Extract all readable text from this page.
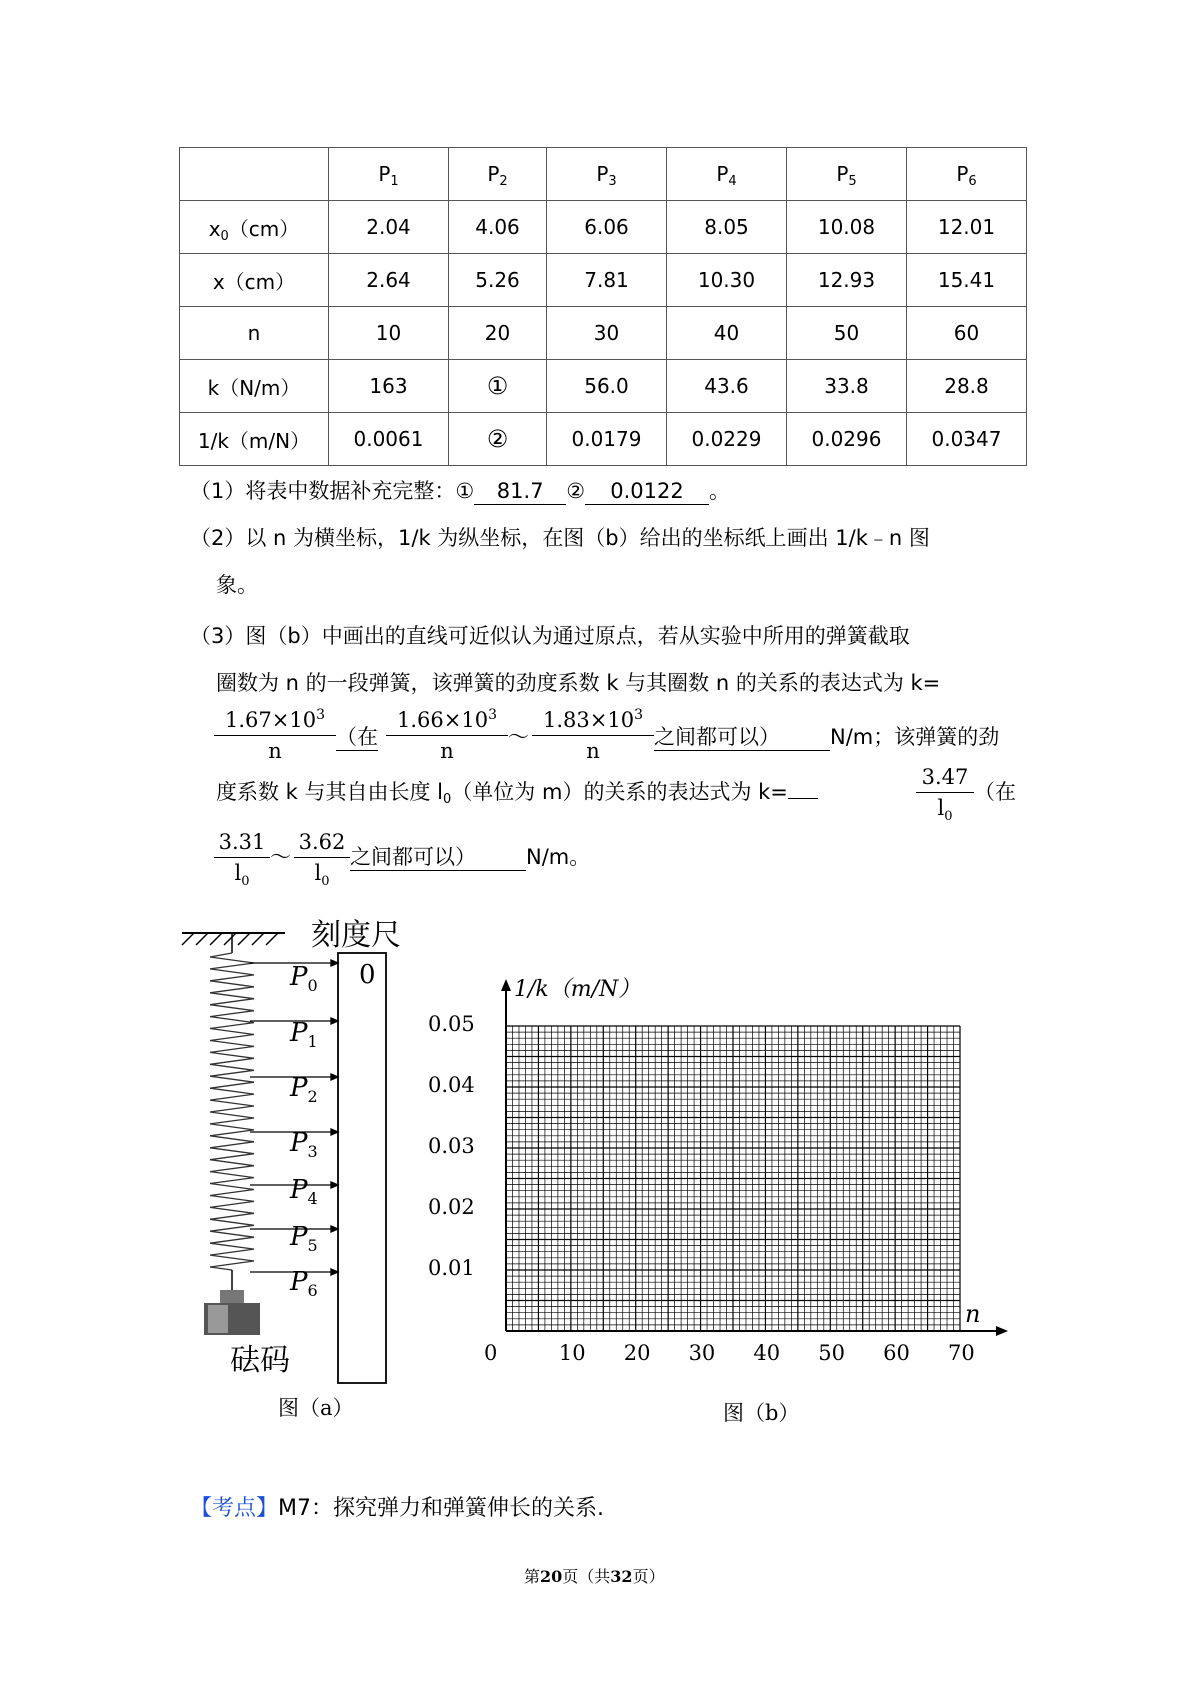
	$P_1$	$P_2$	$P_3$	$P_4$	$P_5$	$P_6$
$x_0(cm)$	2.04	4.06	6.06	8.05	10.08	12.01
x（cm）	2.64	5.26	7.81	10.30	12.93	15.41
n	10	20	30	40	50	60
k（N/m）	163	①	56.0	43.6	33.8	28.8
1/k（m/N）	0.0061	②	0.0179	0.0229	0.0296	0.0347
（1）将表中数据补充完整：① 81.7 ② 0.0122 。
（2）以 n 为横坐标，1/k 为纵坐标，在图（b）给出的坐标纸上画出 1/k﹣n 图
象。
（3）图（b）中画出的直线可近似认为通过原点，若从实验中所用的弹簧截取
圈数为 n 的一段弹簧，该弹簧的劲度系数 k 与其圈数 n 的关系的表达式为 k=
$1.67\times 10^3$
n
（在
$1.66\times 10^3$
n
～
$1.83\times 10^3$
n
之间都可以） N/m；该弹簧的劲
度系数 k 与其自由长度 $l_0$（单位为 m）的关系的表达式为 k=
3.47
$l_0$
（在
3.31
$l_0$
～
3.62
$l_0$
之间都可以） N/m。
刻度尺
0
$P_0$
$P_1$
$P_2$
$P_3$
$P_4$
$P_5$
$P_6$
砝码
图（a）
1/k（m/N）
n
0.05
0.04
0.03
0.02
0.01
0	10 20 30 40 50 60 70
图（b）
【考点】M7：探究弹力和弹簧伸长的关系.
第20页（共32页）
